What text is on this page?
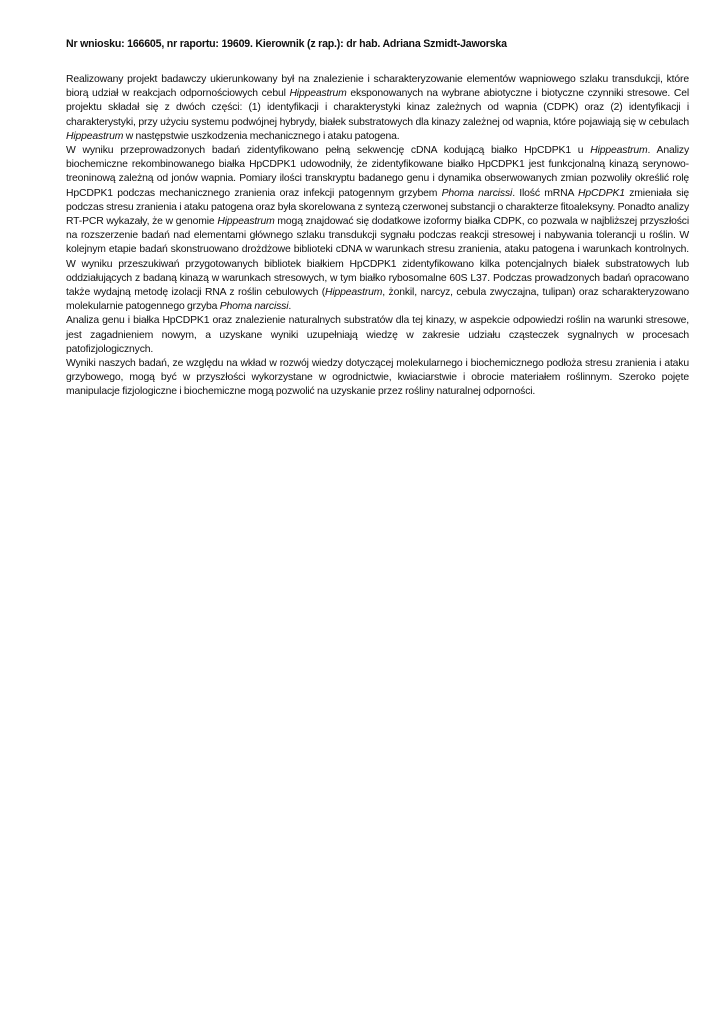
Nr wniosku: 166605, nr raportu: 19609. Kierownik (z rap.): dr hab. Adriana Szmidt-Jaworska

Realizowany projekt badawczy ukierunkowany był na znalezienie i scharakteryzowanie elementów wapniowego szlaku transdukcji, które biorą udział w reakcjach odpornościowych cebul Hippeastrum eksponowanych na wybrane abiotyczne i biotyczne czynniki stresowe. Cel projektu składał się z dwóch części: (1) identyfikacji i charakterystyki kinaz zależnych od wapnia (CDPK) oraz (2) identyfikacji i charakterystyki, przy użyciu systemu podwójnej hybrydy, białek substratowych dla kinazy zależnej od wapnia, które pojawiają się w cebulach Hippeastrum w następstwie uszkodzenia mechanicznego i ataku patogena.

W wyniku przeprowadzonych badań zidentyfikowano pełną sekwencję cDNA kodującą białko HpCDPK1 u Hippeastrum. Analizy biochemiczne rekombinowanego białka HpCDPK1 udowodniły, że zidentyfikowane białko HpCDPK1 jest funkcjonalną kinazą serynowo-treoninową zależną od jonów wapnia. Pomiary ilości transkryptu badanego genu i dynamika obserwowanych zmian pozwoliły określić rolę HpCDPK1 podczas mechanicznego zranienia oraz infekcji patogennym grzybem Phoma narcissi. Ilość mRNA HpCDPK1 zmieniała się podczas stresu zranienia i ataku patogena oraz była skorelowana z syntezą czerwonej substancji o charakterze fitoaleksyny. Ponadto analizy RT-PCR wykazały, że w genomie Hippeastrum mogą znajdować się dodatkowe izoformy białka CDPK, co pozwala w najbliższej przyszłości na rozszerzenie badań nad elementami głównego szlaku transdukcji sygnału podczas reakcji stresowej i nabywania tolerancji u roślin. W kolejnym etapie badań skonstruowano drożdżowe biblioteki cDNA w warunkach stresu zranienia, ataku patogena i warunkach kontrolnych. W wyniku przeszukiwań przygotowanych bibliotek białkiem HpCDPK1 zidentyfikowano kilka potencjalnych białek substratowych lub oddziałujących z badaną kinazą w warunkach stresowych, w tym białko rybosomalne 60S L37. Podczas prowadzonych badań opracowano także wydajną metodę izolacji RNA z roślin cebulowych (Hippeastrum, żonkil, narcyz, cebula zwyczajna, tulipan) oraz scharakteryzowano molekularnie patogennego grzyba Phoma narcissi.

Analiza genu i białka HpCDPK1 oraz znalezienie naturalnych substratów dla tej kinazy, w aspekcie odpowiedzi roślin na warunki stresowe, jest zagadnieniem nowym, a uzyskane wyniki uzupełniają wiedzę w zakresie udziału cząsteczek sygnalnych w procesach patofizjologicznych.

Wyniki naszych badań, ze względu na wkład w rozwój wiedzy dotyczącej molekularnego i biochemicznego podłoża stresu zranienia i ataku grzybowego, mogą być w przyszłości wykorzystane w ogrodnictwie, kwiaciarstwie i obrocie materiałem roślinnym. Szeroko pojęte manipulacje fizjologiczne i biochemiczne mogą pozwolić na uzyskanie przez rośliny naturalnej odporności.
